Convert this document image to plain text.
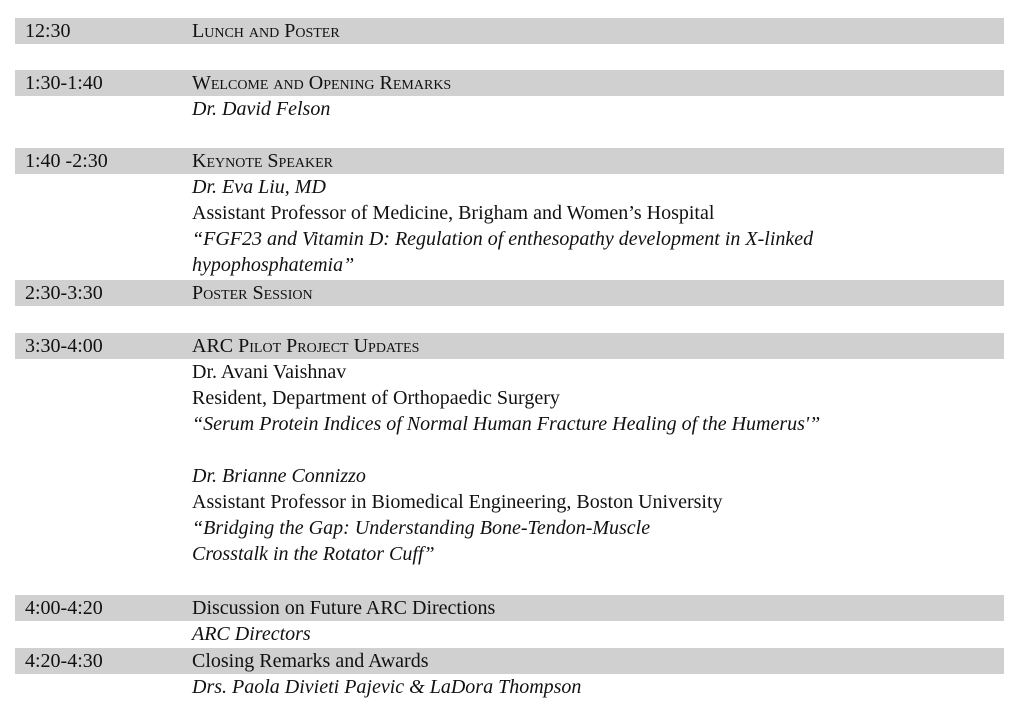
12:30	Lunch and Poster
1:30-1:40	Welcome and Opening Remarks
Dr. David Felson
1:40 -2:30	Keynote Speaker
Dr. Eva Liu, MD
Assistant Professor of Medicine, Brigham and Women’s Hospital
“FGF23 and Vitamin D: Regulation of enthesopathy development in X-linked
hypophosphatemia”
2:30-3:30	Poster Session
3:30-4:00	ARC Pilot Project Updates
Dr. Avani Vaishnav
Resident, Department of Orthopaedic Surgery
“Serum Protein Indices of Normal Human Fracture Healing of the Humerus'”
Dr. Brianne Connizzo
Assistant Professor in Biomedical Engineering, Boston University
“Bridging the Gap: Understanding Bone-Tendon-Muscle
Crosstalk in the Rotator Cuff”
4:00-4:20	Discussion on Future ARC Directions
ARC Directors
4:20-4:30	Closing Remarks and Awards
Drs. Paola Divieti Pajevic & LaDora Thompson
